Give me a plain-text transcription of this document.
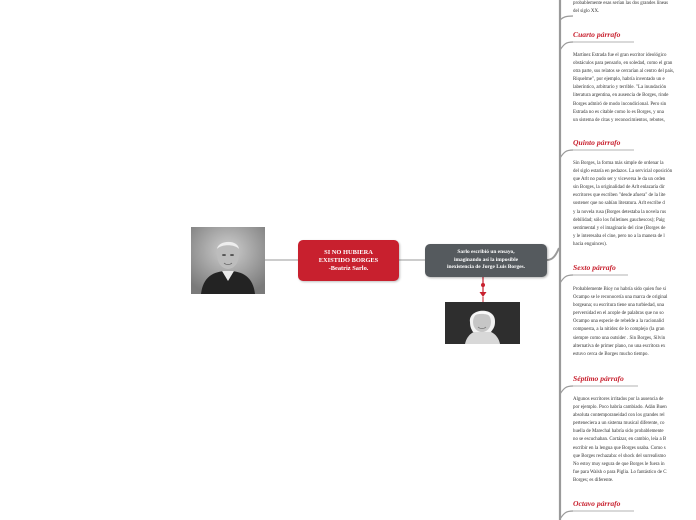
SI NO HUBIERA
EXISTIDO BORGES
-Beatriz Sarlo.
Sarlo escribió un ensayo,
imaginando así la imposible
inexistencia de Jorge Luis Borges.
probablemente esas serían las dos grandes líneas
del siglo XX.
Cuarto párrafo
Martínez Estrada fue el gran escritor ideológico
obstáculos para pensarlo, en soledad, como el gran
otra parte, sus relatos se cerrarían al centro del país,
Riquelme", por ejemplo, habría inventado un e
laberíntico, arbitrario y terrible. "La inundación
literatura argentina, en ausencia de Borges, rinde
Borges admiró de modo incondicional. Pero sin
Estrada no es citable como lo es Borges, y una
un sistema de citas y reconocimientos, rebotes,
Quinto párrafo
Sin Borges, la forma más simple de ordenar la
del siglo estaría en pedazos. La servicial oposición
que Arlt no pudo ser y viceversa le da un orden
sin Borges, la originalidad de Arlt enlazaría dir
escritores que escriben "desde afuera" de la lite
sostener que no sabían literatura. Arlt escribe d
y la novela rusa (Borges detestaba la novela rus
debilidad; sólo los folletines gauchescos); Paig
sentimental y el imaginario del cine (Borges de
y le interesaba el cine, pero no a la manera de l
hacia enguinces).
Sexto párrafo
Probablemente Bioy no habría sido quien fue si
Ocampo se le reconocería una marca de original
borgeana; su escritura tiene una turbiedad, una
perversidad en el acople de palabras que no so
Ocampo una especie de rebelde a la racionalid
compuesta, a la nitidez de lo complejo (la gran
siempre como una outsider . Sin Borges, Silvin
alternativa de primer plano, no una escritora ex
estuvo cerca de Borges mucho tiempo.
Séptimo párrafo
Algunos escritores irritados por la ausencia de
por ejemplo. Poco habría cambiado. Adán Buen
absoluta contemporaneidad con los grandes rel
perteneciera a un sistema musical diferente, co
huella de Marechal habría sido probablemente
no se escuchaban. Cortázar, en cambio, leía a B
escribir en la lengua que Borges usaba. Como s
que Borges rechazaba: el shock del surrealismo
No estoy muy segura de que Borges le fuera in
fue para Walsh o para Piglia. Lo fantástico de C
Borges; es diferente.
Octavo párrafo
